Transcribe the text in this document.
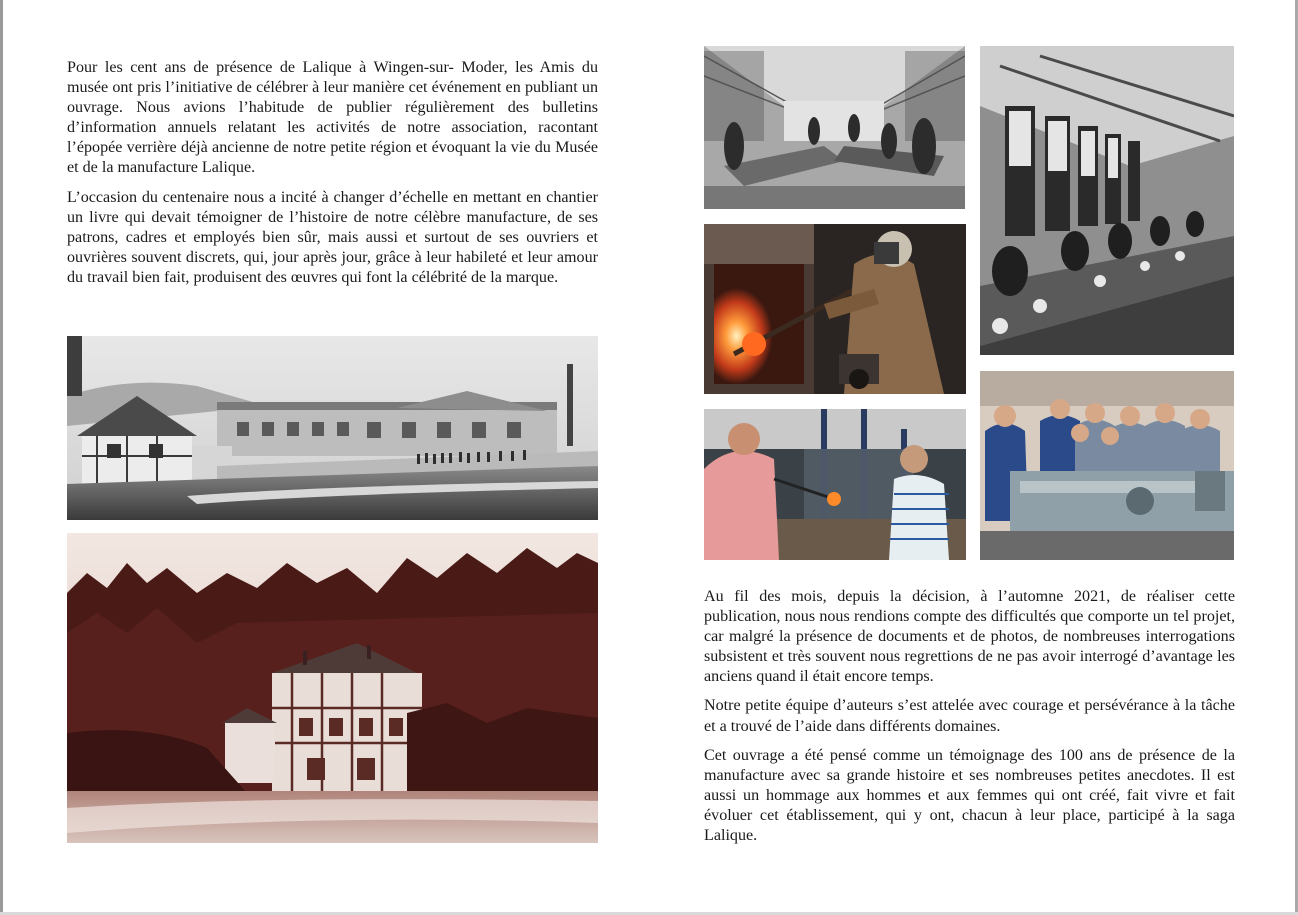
Pour les cent ans de présence de Lalique à Wingen-sur- Moder, les Amis du musée ont pris l’initiative de célébrer à leur manière cet événement en publiant un ouvrage. Nous avions l’habitude de publier régulièrement des bulletins d’information annuels relatant les activités de notre association, racontant l’épopée verrière déjà ancienne de notre petite région et évoquant la vie du Musée et de la manufacture Lalique.

L’occasion du centenaire nous a incité à changer d’échelle en mettant en chantier un livre qui devait témoigner de l’histoire de notre célèbre manufacture, de ses patrons, cadres et employés bien sûr, mais aussi et surtout de ses ouvriers et ouvrières souvent discrets, qui, jour après jour, grâce à leur habileté et leur amour du travail bien fait, produisent des œuvres qui font la célébrité de la marque.

Au fil des mois, depuis la décision, à l’automne 2021, de réaliser cette publication, nous nous rendions compte des difficultés que comporte un tel projet, car malgré la présence de documents et de photos, de nombreuses interrogations subsistent et très souvent nous regrettions de ne pas avoir interrogé d’avantage les anciens quand il était encore temps.

Notre petite équipe d’auteurs s’est attelée avec courage et persévérance à la tâche et a trouvé de l’aide dans différents domaines.

Cet ouvrage a été pensé comme un témoignage des 100 ans de présence de la manufacture avec sa grande histoire et ses nombreuses petites anecdotes. Il est aussi un hommage aux hommes et aux femmes qui ont créé, fait vivre et fait évoluer cet établissement, qui y ont, chacun à leur place, participé à la saga Lalique.
